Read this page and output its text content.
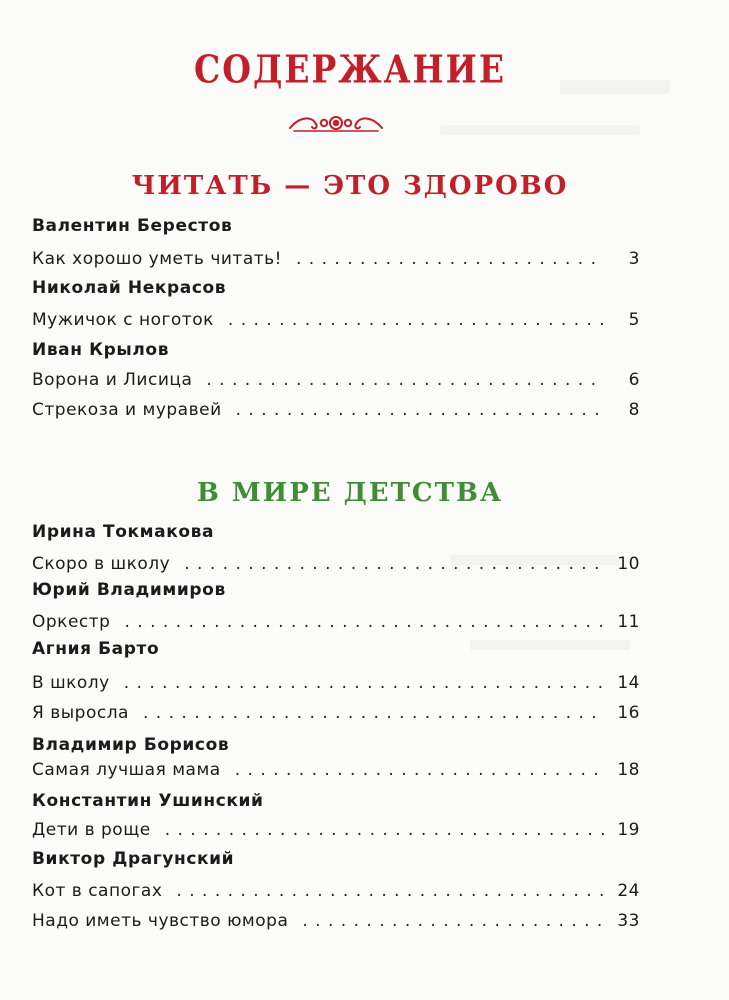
СОДЕРЖАНИЕ
ЧИТАТЬ — ЭТО ЗДОРОВО
Валентин Берестов
Как хорошо уметь читать! . . .	3
Николай Некрасов
Мужичок с ноготок . . .	5
Иван Крылов
Ворона и Лисица . . .	6
Стрекоза и муравей . . .	8
В МИРЕ ДЕТСТВА
Ирина Токмакова
Скоро в школу . . .	10
Юрий Владимиров
Оркестр . . .	11
Агния Барто
В школу . . .	14
Я выросла . . .	16
Владимир Борисов
Самая лучшая мама . . .	18
Константин Ушинский
Дети в роще . . .	19
Виктор Драгунский
Кот в сапогах . . .	24
Надо иметь чувство юмора . . .	33
